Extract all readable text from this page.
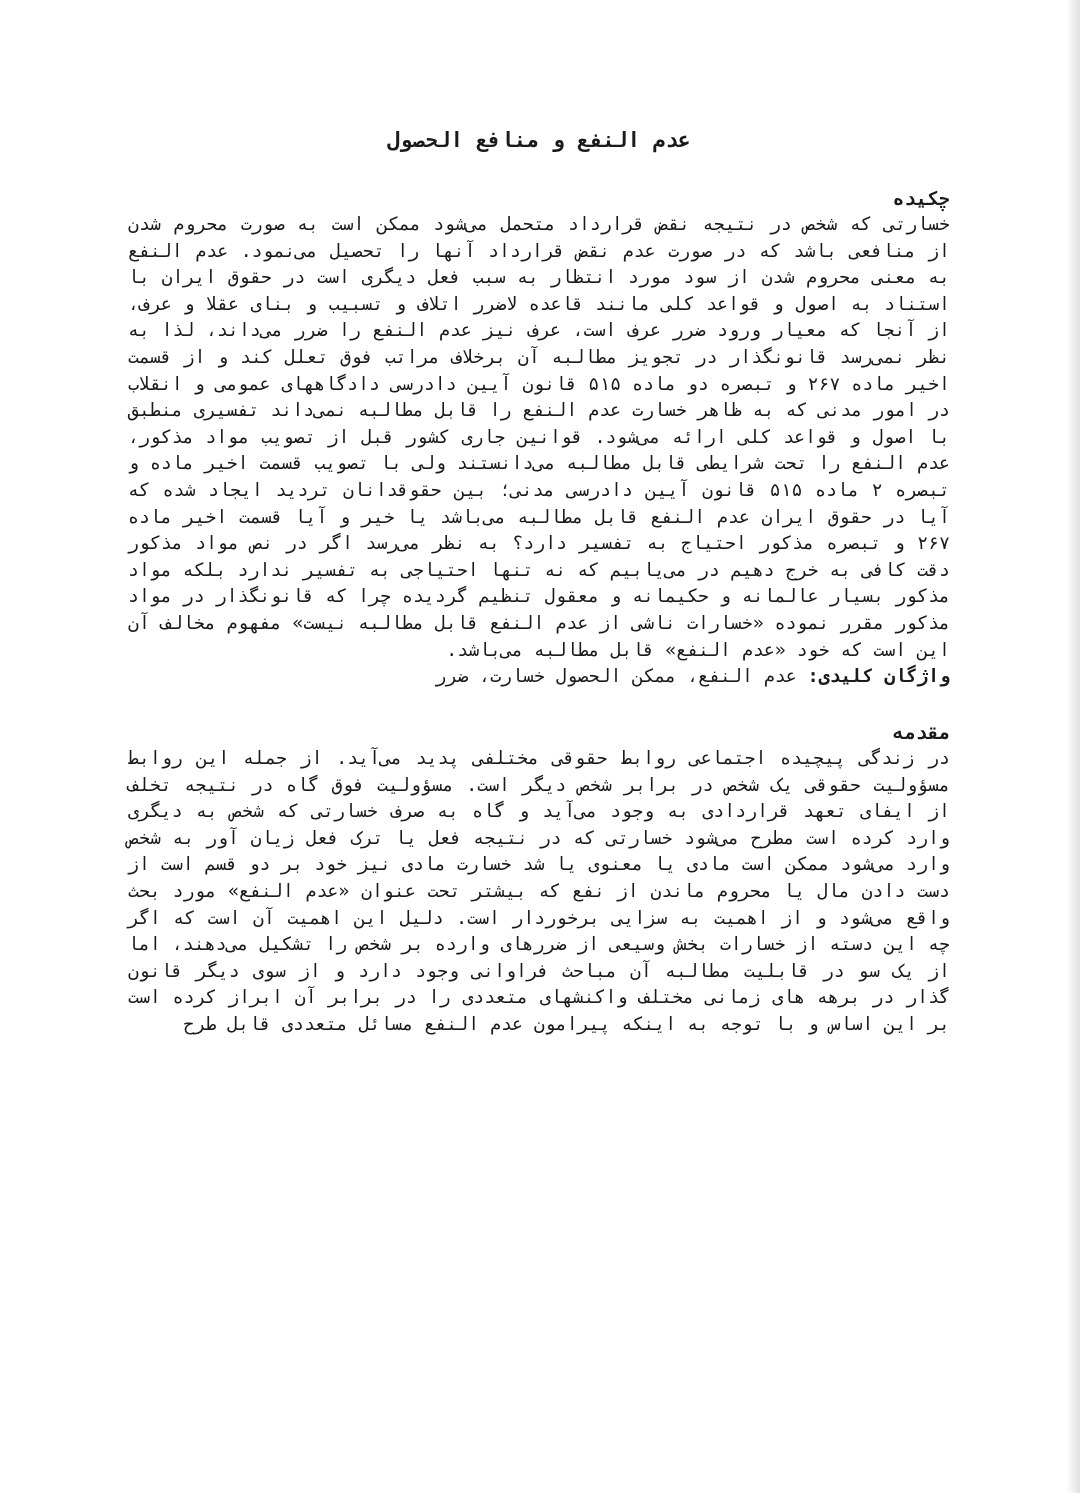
عدم النفع و منافع الحصول
چکیده

خسارتی که شخص در نتیجه نقض قرارداد متحمل می‌شود ممکن است به صورت محروم شدن از منافعی باشد که در صورت عدم نقض قرارداد آنها را تحصیل می‌نمود. عدم النفع به معنی محروم شدن از سود مورد انتظار به سبب فعل دیگری است در حقوق ایران با استناد به اصول و قواعد کلی مانند قاعده لاضرر اتلاف و تسبیب و بنای عقلا و عرف، از آنجا که معیار ورود ضرر عرف است، عرف نیز عدم النفع را ضرر می‌داند، لذا به نظر نمی‌رسد قانونگذار در تجویز مطالبه آن برخلاف مراتب فوق تعلل کند و از قسمت اخیر ماده ۲۶۷ و تبصره دو ماده ۵۱۵ قانون آیین دادرسی دادگاههای عمومی و انقلاب در امور مدنی که به ظاهر خسارت عدم النفع را قابل مطالبه نمی‌داند تفسیری منطبق با اصول و قواعد کلی ارائه می‌شود. قوانین جاری کشور قبل از تصویب مواد مذکور، عدم النفع را تحت شرایطی قابل مطالبه می‌دانستند ولی با تصویب قسمت اخیر ماده و تبصره ۲ ماده ۵۱۵ قانون آیین دادرسی مدنی؛ بین حقوقدانان تردید ایجاد شده که آیا در حقوق ایران عدم النفع قابل مطالبه می‌باشد یا خیر و آیا قسمت اخیر ماده ۲۶۷ و تبصره مذکور احتیاج به تفسیر دارد؟ به نظر می‌رسد اگر در نص مواد مذکور دقت کافی به خرج دهیم در می‌یابیم که نه تنها احتیاجی به تفسیر ندارد بلکه مواد مذکور بسیار عالمانه و حکیمانه و معقول تنظیم گردیده چرا که قانونگذار در مواد مذکور مقرر نموده «خسارات ناشی از عدم النفع قابل مطالبه نیست» مفهوم مخالف آن این است که خود «عدم النفع» قابل مطالبه می‌باشد.

واژگان کلیدی: عدم النفع، ممکن الحصول خسارت، ضرر

مقدمه

در زندگی پیچیده اجتماعی روابط حقوقی مختلفی پدید می‌آید. از جمله این روابط مسؤولیت حقوقی یک شخص در برابر شخص دیگر است. مسؤولیت فوق گاه در نتیجه تخلف از ایفای تعهد قراردادی به وجود می‌آید و گاه به صرف خسارتی که شخص به دیگری وارد کرده است مطرح می‌شود خسارتی که در نتیجه فعل یا ترک فعل زیان آور به شخص وارد می‌شود ممکن است مادی یا معنوی یا شد خسارت مادی نیز خود بر دو قسم است از دست دادن مال یا محروم ماندن از نفع که بیشتر تحت عنوان «عدم النفع» مورد بحث واقع می‌شود و از اهمیت به سزایی برخوردار است. دلیل این اهمیت آن است که اگر چه این دسته از خسارات بخش وسیعی از ضررهای وارده بر شخص را تشکیل می‌دهند، اما از یک سو در قابلیت مطالبه آن مباحث فراوانی وجود دارد و از سوی دیگر قانون گذار در برهه های زمانی مختلف واکنشهای متعددی را در برابر آن ابراز کرده است بر این اساس و با توجه به اینکه پیرامون عدم النفع مسائل متعددی قابل طرح
